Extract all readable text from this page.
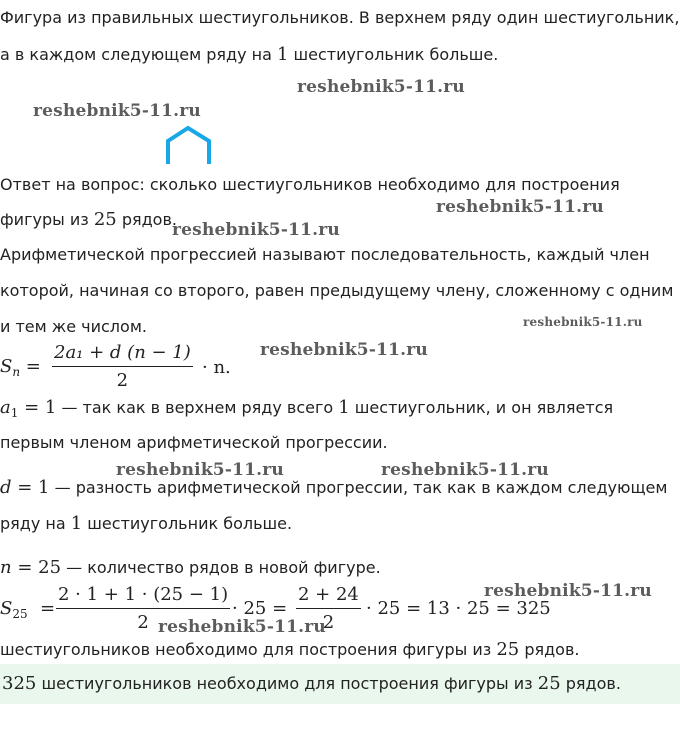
Фигура из правильных шестиугольников. В верхнем ряду один шестиугольник,
а в каждом следующем ряду на 1 шестиугольник больше.
reshebnik5-11.ru
reshebnik5-11.ru
Ответ на вопрос: сколько шестиугольников необходимо для построения
reshebnik5-11.ru
фигуры из 25 рядов.
reshebnik5-11.ru
Арифметической прогрессией называют последовательность, каждый член
которой, начиная со второго, равен предыдущему члену, сложенному с одним
и тем же числом.	reshebnik5-11.ru
$S_n$ =
2a₁ + d (n − 1)
2
· n.
reshebnik5-11.ru
$a_1 = 1$ — так как в верхнем ряду всего 1 шестиугольник, и он является
первым членом арифметической прогрессии.
reshebnik5-11.ru	reshebnik5-11.ru
d = 1 — разность арифметической прогрессии, так как в каждом следующем
ряду на 1 шестиугольник больше.
n = 25 — количество рядов в новой фигуре.
reshebnik5-11.ru
$S_{25}$ =
2 · 1 + 1 · (25 − 1)
2
· 25 =
2 + 24
2
· 25 = 13 · 25 = 325
reshebnik5-11.ru
шестиугольников необходимо для построения фигуры из 25 рядов.
325 шестиугольников необходимо для построения фигуры из 25 рядов.
